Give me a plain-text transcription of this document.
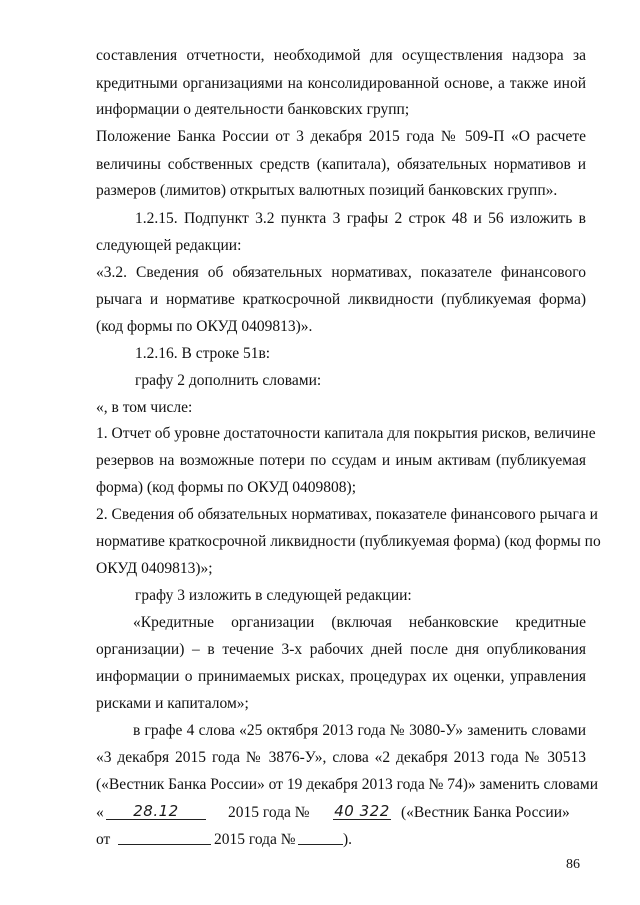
составления отчетности, необходимой для осуществления надзора за
кредитными организациями на консолидированной основе, а также иной
информации о деятельности банковских групп;
Положение Банка России от 3 декабря 2015 года № 509-П «О расчете
величины собственных средств (капитала), обязательных нормативов и
размеров (лимитов) открытых валютных позиций банковских групп».
1.2.15. Подпункт 3.2 пункта 3 графы 2 строк 48 и 56 изложить в
следующей редакции:
«3.2. Сведения об обязательных нормативах, показателе финансового
рычага и нормативе краткосрочной ликвидности (публикуемая форма)
(код формы по ОКУД 0409813)».
1.2.16. В строке 51в:
графу 2 дополнить словами:
«, в том числе:
1. Отчет об уровне достаточности капитала для покрытия рисков, величине
резервов на возможные потери по ссудам и иным активам (публикуемая
форма) (код формы по ОКУД 0409808);
2. Сведения об обязательных нормативах, показателе финансового рычага и
нормативе краткосрочной ликвидности (публикуемая форма) (код формы по
ОКУД 0409813)»;
графу 3 изложить в следующей редакции:
«Кредитные организации (включая небанковские кредитные
организации) – в течение 3-х рабочих дней после дня опубликования
информации о принимаемых рисках, процедурах их оценки, управления
рисками и капиталом»;
в графе 4 слова «25 октября 2013 года № 3080-У» заменить словами
«3 декабря 2015 года № 3876-У», слова «2 декабря 2013 года № 30513
(«Вестник Банка России» от 19 декабря 2013 года № 74)» заменить словами
«	28.12	2015 года № 40 322 («Вестник Банка России»
от	2015 года №	).
86
